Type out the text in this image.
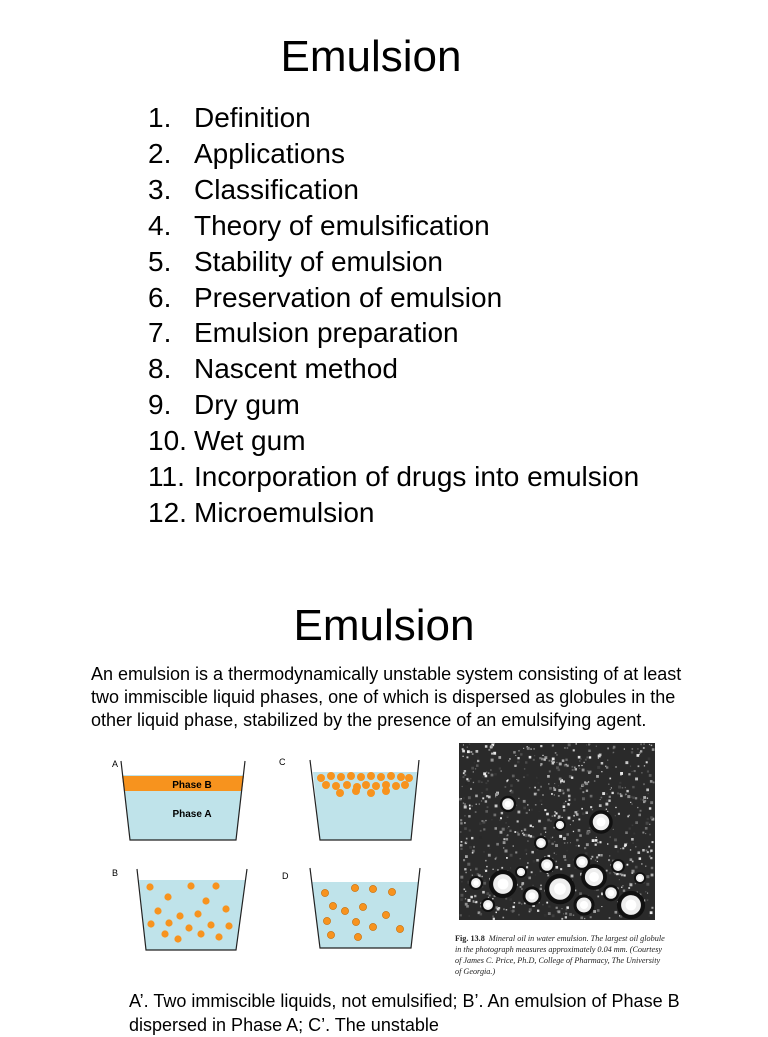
Emulsion
1. Definition
2. Applications
3. Classification
4. Theory of emulsification
5. Stability of emulsion
6. Preservation of emulsion
7. Emulsion preparation
8. Nascent method
9. Dry gum
10. Wet gum
11. Incorporation of drugs into emulsion
12. Microemulsion
Emulsion

An emulsion is a thermodynamically unstable system consisting of at least two immiscible liquid phases, one of which is dispersed as globules in the other liquid phase, stabilized by the presence of an emulsifying agent.

A
Phase B
Phase A
C
B	D
Fig. 13.8 Mineral oil in water emulsion. The largest oil globule in the photograph measures approximately 0.04 mm. (Courtesy of James C. Price, Ph.D, College of Pharmacy, The University of Georgia.)

A’. Two immiscible liquids, not emulsified; B’. An emulsion of Phase B dispersed in Phase A; C’. The unstable
